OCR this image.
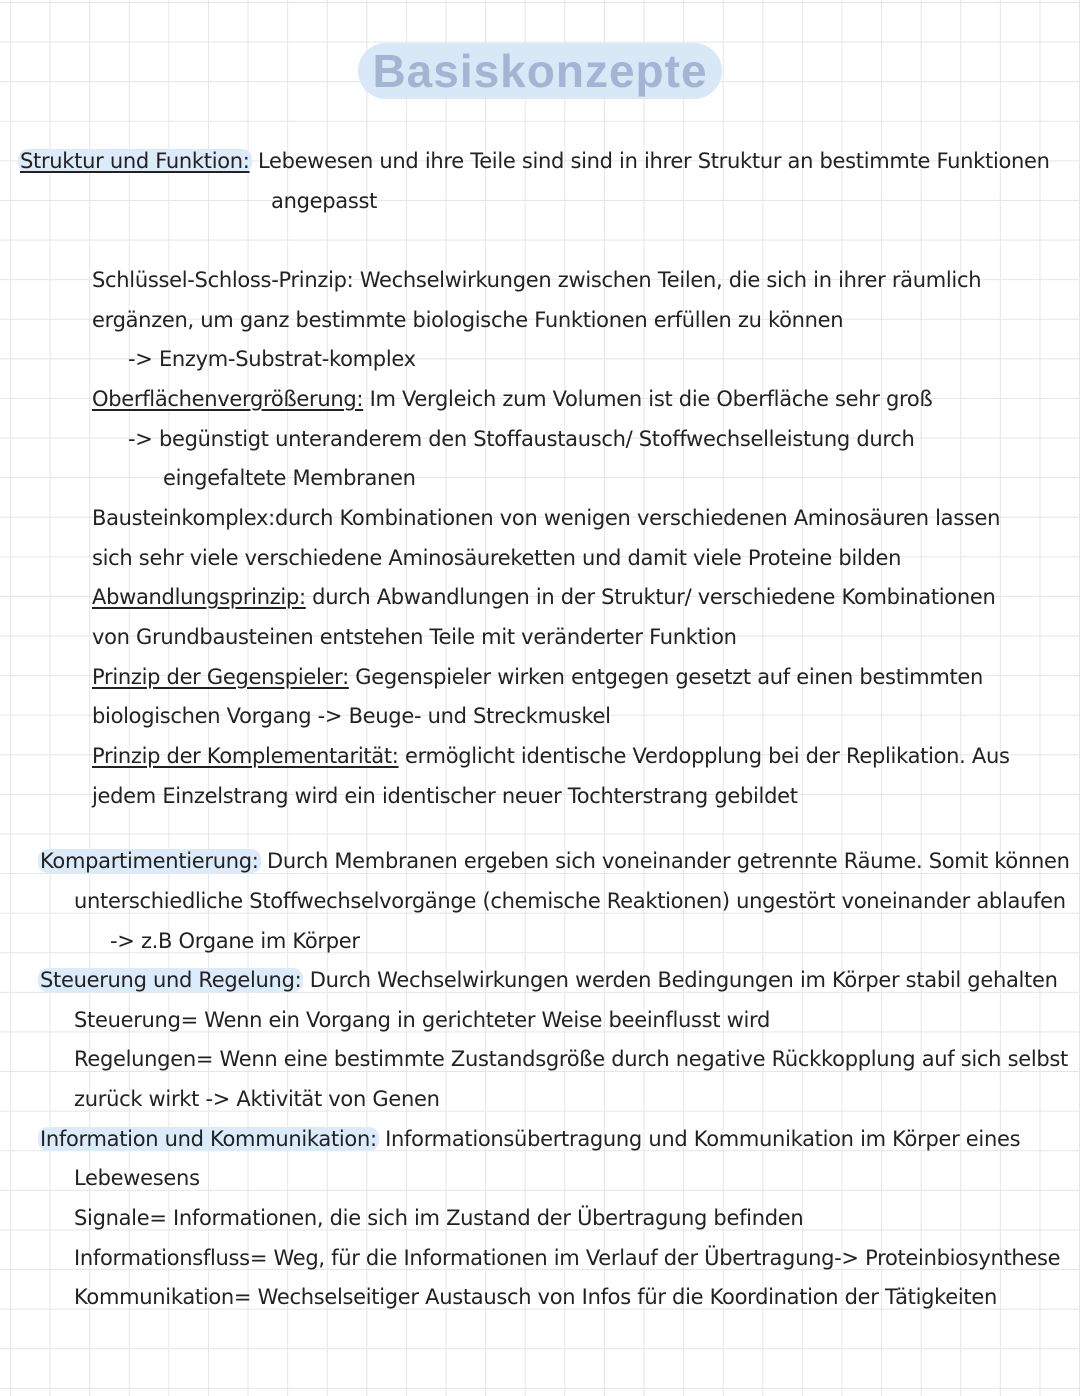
Basiskonzepte
Struktur und Funktion: Lebewesen und ihre Teile sind sind in ihrer Struktur an bestimmte Funktionen
angepasst
Schlüssel-Schloss-Prinzip: Wechselwirkungen zwischen Teilen, die sich in ihrer räumlich
ergänzen, um ganz bestimmte biologische Funktionen erfüllen zu können
-> Enzym-Substrat-komplex
Oberflächenvergrößerung: Im Vergleich zum Volumen ist die Oberfläche sehr groß
-> begünstigt unteranderem den Stoffaustausch/ Stoffwechselleistung durch
eingefaltete Membranen
Bausteinkomplex:durch Kombinationen von wenigen verschiedenen Aminosäuren lassen
sich sehr viele verschiedene Aminosäureketten und damit viele Proteine bilden
Abwandlungsprinzip: durch Abwandlungen in der Struktur/ verschiedene Kombinationen
von Grundbausteinen entstehen Teile mit veränderter Funktion
Prinzip der Gegenspieler: Gegenspieler wirken entgegen gesetzt auf einen bestimmten
biologischen Vorgang -> Beuge- und Streckmuskel
Prinzip der Komplementarität: ermöglicht identische Verdopplung bei der Replikation. Aus
jedem Einzelstrang wird ein identischer neuer Tochterstrang gebildet
Kompartimentierung: Durch Membranen ergeben sich voneinander getrennte Räume. Somit können
unterschiedliche Stoffwechselvorgänge (chemische Reaktionen) ungestört voneinander ablaufen
-> z.B Organe im Körper
Steuerung und Regelung: Durch Wechselwirkungen werden Bedingungen im Körper stabil gehalten
Steuerung= Wenn ein Vorgang in gerichteter Weise beeinflusst wird
Regelungen= Wenn eine bestimmte Zustandsgröße durch negative Rückkopplung auf sich selbst
zurück wirkt -> Aktivität von Genen
Information und Kommunikation: Informationsübertragung und Kommunikation im Körper eines
Lebewesens
Signale= Informationen, die sich im Zustand der Übertragung befinden
Informationsfluss= Weg, für die Informationen im Verlauf der Übertragung-> Proteinbiosynthese
Kommunikation= Wechselseitiger Austausch von Infos für die Koordination der Tätigkeiten
